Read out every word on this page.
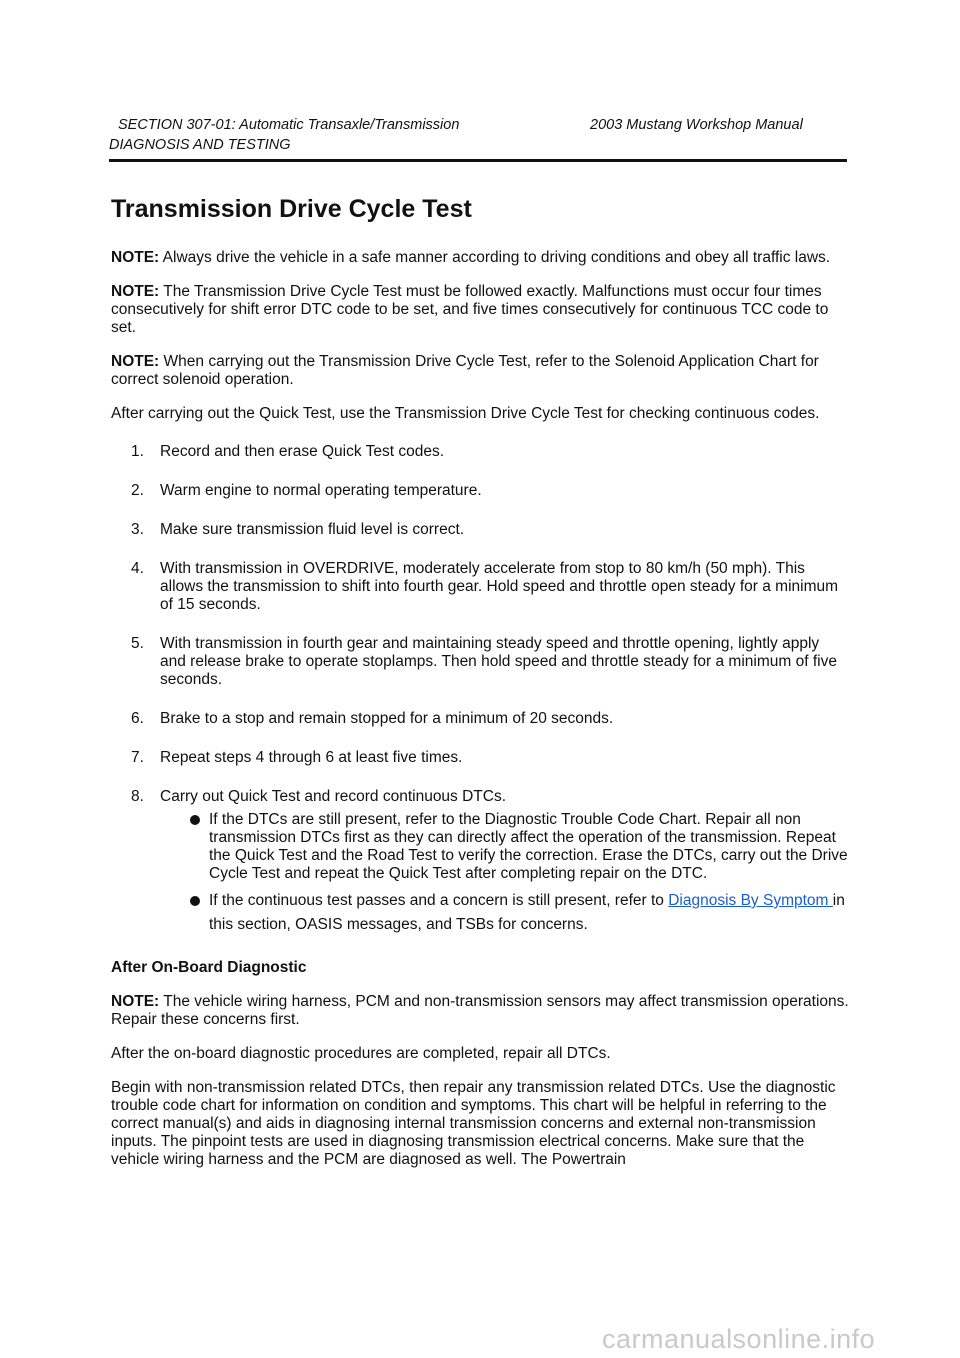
SECTION 307-01: Automatic Transaxle/Transmission	2003 Mustang Workshop Manual
DIAGNOSIS AND TESTING
Transmission Drive Cycle Test

NOTE: Always drive the vehicle in a safe manner according to driving conditions and obey all traffic laws.

NOTE: The Transmission Drive Cycle Test must be followed exactly. Malfunctions must occur four times consecutively for shift error DTC code to be set, and five times consecutively for continuous TCC code to set.

NOTE: When carrying out the Transmission Drive Cycle Test, refer to the Solenoid Application Chart for correct solenoid operation.

After carrying out the Quick Test, use the Transmission Drive Cycle Test for checking continuous codes.

1. Record and then erase Quick Test codes.
2. Warm engine to normal operating temperature.
3. Make sure transmission fluid level is correct.
4. With transmission in OVERDRIVE, moderately accelerate from stop to 80 km/h (50 mph). This allows the transmission to shift into fourth gear. Hold speed and throttle open steady for a minimum of 15 seconds.
5. With transmission in fourth gear and maintaining steady speed and throttle opening, lightly apply and release brake to operate stoplamps. Then hold speed and throttle steady for a minimum of five seconds.
6. Brake to a stop and remain stopped for a minimum of 20 seconds.
7. Repeat steps 4 through 6 at least five times.
8. Carry out Quick Test and record continuous DTCs.
If the DTCs are still present, refer to the Diagnostic Trouble Code Chart. Repair all non transmission DTCs first as they can directly affect the operation of the transmission. Repeat the Quick Test and the Road Test to verify the correction. Erase the DTCs, carry out the Drive Cycle Test and repeat the Quick Test after completing repair on the DTC.
If the continuous test passes and a concern is still present, refer to Diagnosis By Symptom in this section, OASIS messages, and TSBs for concerns.

After On-Board Diagnostic

NOTE: The vehicle wiring harness, PCM and non-transmission sensors may affect transmission operations. Repair these concerns first.

After the on-board diagnostic procedures are completed, repair all DTCs.

Begin with non-transmission related DTCs, then repair any transmission related DTCs. Use the diagnostic trouble code chart for information on condition and symptoms. This chart will be helpful in referring to the correct manual(s) and aids in diagnosing internal transmission concerns and external non-transmission inputs. The pinpoint tests are used in diagnosing transmission electrical concerns. Make sure that the vehicle wiring harness and the PCM are diagnosed as well. The Powertrain

carmanualsonline.info
